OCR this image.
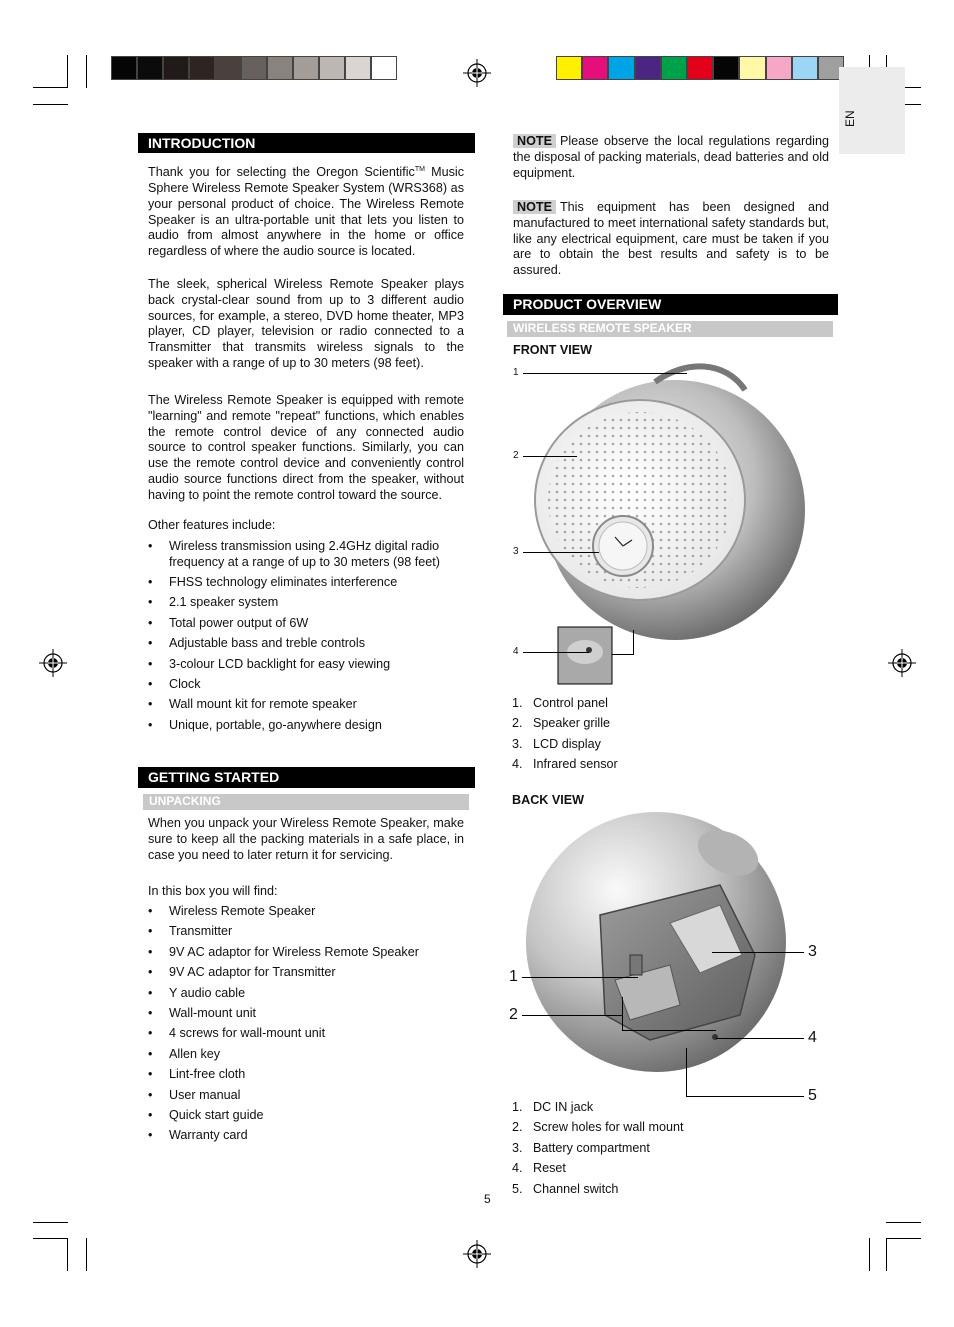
EN
INTRODUCTION

Thank you for selecting the Oregon Scientific™ Music Sphere Wireless Remote Speaker System (WRS368) as your personal product of choice. The Wireless Remote Speaker is an ultra-portable unit that lets you listen to audio from almost anywhere in the home or office regardless of where the audio source is located.

The sleek, spherical Wireless Remote Speaker plays back crystal-clear sound from up to 3 different audio sources, for example, a stereo, DVD home theater, MP3 player, CD player, television or radio connected to a Transmitter that transmits wireless signals to the speaker with a range of up to 30 meters (98 feet).

The Wireless Remote Speaker is equipped with remote "learning" and remote "repeat" functions, which enables the remote control device of any connected audio source to control speaker functions. Similarly, you can use the remote control device and conveniently control audio source functions direct from the speaker, without having to point the remote control toward the source.

Other features include:

• Wireless transmission using 2.4GHz digital radio frequency at a range of up to 30 meters (98 feet)
• FHSS technology eliminates interference
• 2.1 speaker system
• Total power output of 6W
• Adjustable bass and treble controls
• 3-colour LCD backlight for easy viewing
• Clock
• Wall mount kit for remote speaker
• Unique, portable, go-anywhere design
GETTING STARTED
UNPACKING

When you unpack your Wireless Remote Speaker, make sure to keep all the packing materials in a safe place, in case you need to later return it for servicing.

In this box you will find:

• Wireless Remote Speaker
• Transmitter
• 9V AC adaptor for Wireless Remote Speaker
• 9V AC adaptor for Transmitter
• Y audio cable
• Wall-mount unit
• 4 screws for wall-mount unit
• Allen key
• Lint-free cloth
• User manual
• Quick start guide
• Warranty card
5

NOTE Please observe the local regulations regarding the disposal of packing materials, dead batteries and old equipment.

NOTE This equipment has been designed and manufactured to meet international safety standards but, like any electrical equipment, care must be taken if you are to obtain the best results and safety is to be assured.

PRODUCT OVERVIEW
WIRELESS REMOTE SPEAKER
FRONT VIEW
1
2
3
4
1. Control panel
2. Speaker grille
3. LCD display
4. Infrared sensor
BACK VIEW
1
2
3
4
5
1. DC IN jack
2. Screw holes for wall mount
3. Battery compartment
4. Reset
5. Channel switch
